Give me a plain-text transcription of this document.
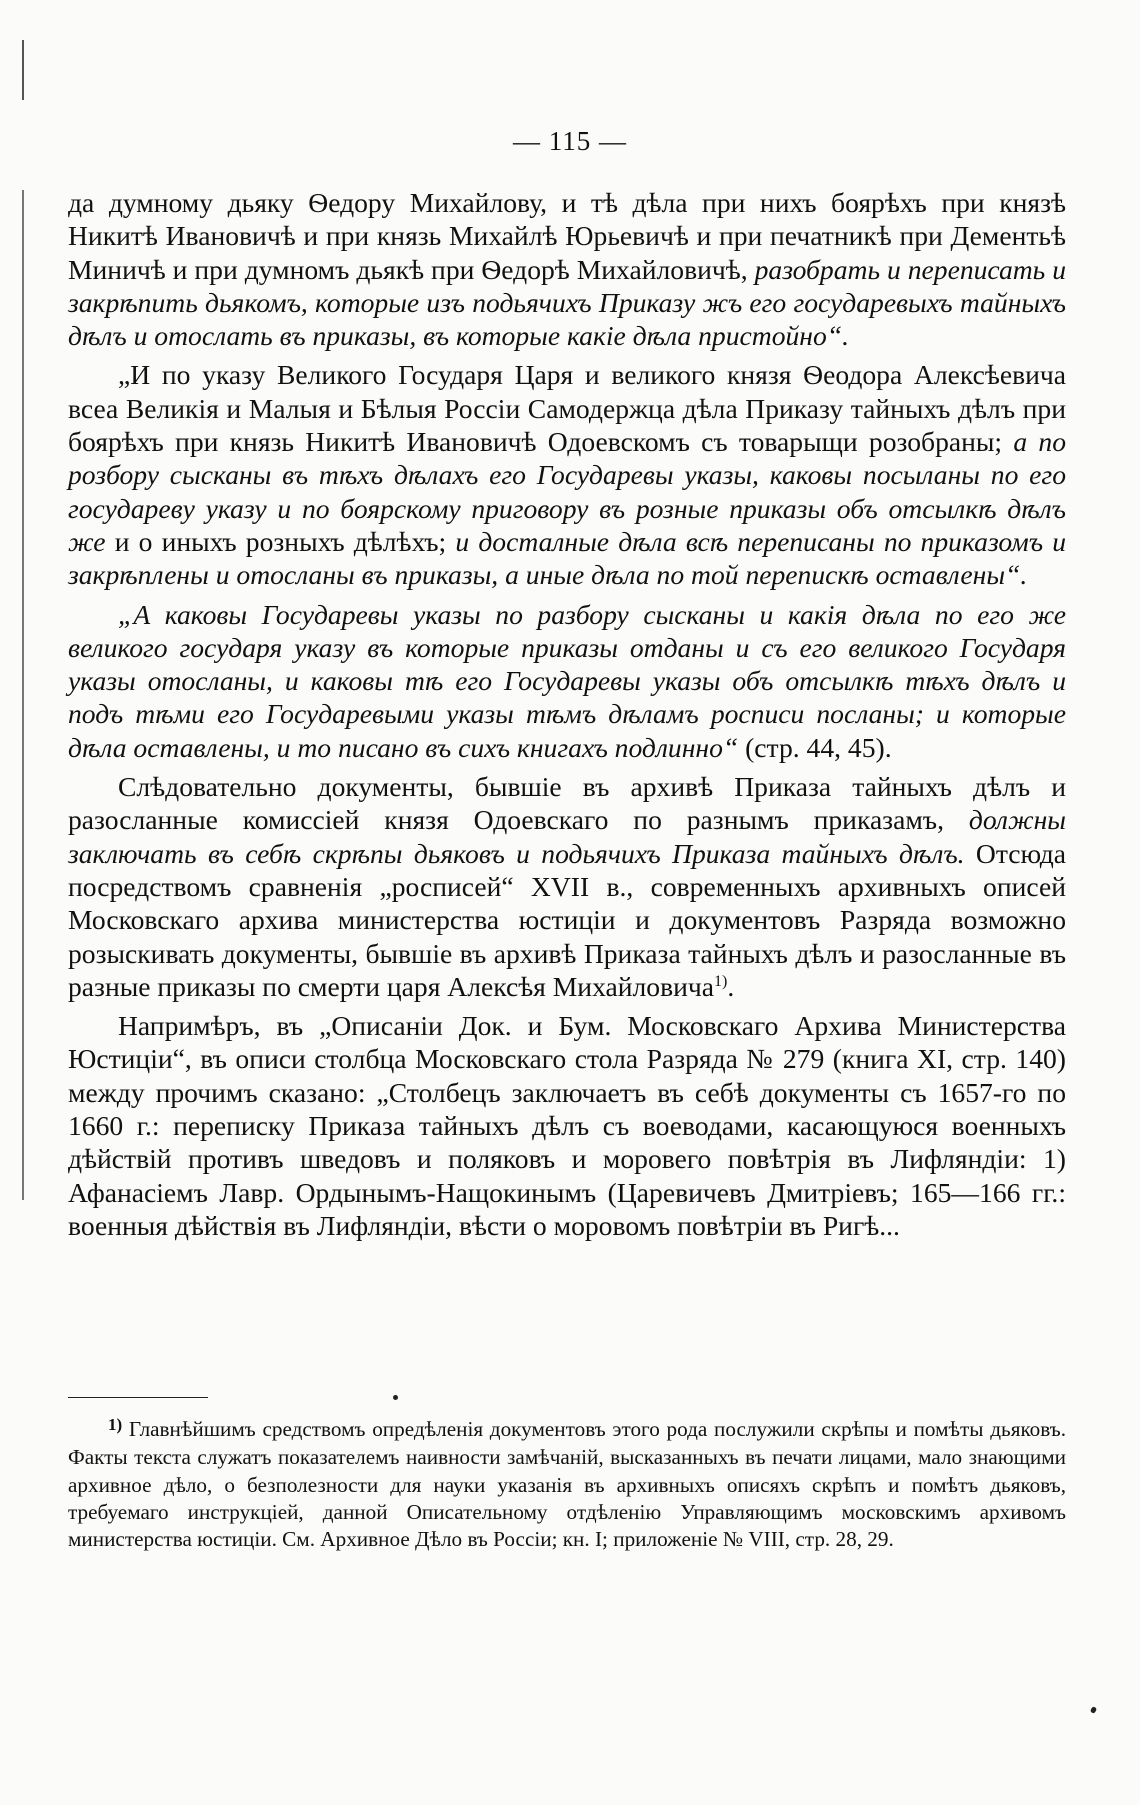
— 115 —

да думному дьяку Ѳедору Михайлову, и тѣ дѣла при нихъ боярѣхъ при князѣ Никитѣ Ивановичѣ и при князь Михайлѣ Юрьевичѣ и при печатникѣ при Дементьѣ Миничѣ и при думномъ дьякѣ при Ѳедорѣ Михайловичѣ, разобрать и переписать и закрѣпить дьякомъ, которые изъ подьячихъ Приказу жъ его государевыхъ тайныхъ дѣлъ и отослать въ приказы, въ которые какiе дѣла пристойно“.

„И по указу Великого Государя Царя и великого князя Ѳеодора Алексѣевича всеа Великiя и Малыя и Бѣлыя Россiи Самодержца дѣла Приказу тайныхъ дѣлъ при боярѣхъ при князь Никитѣ Ивановичѣ Одоевскомъ съ товарыщи розобраны; а по розбору сысканы въ тѣхъ дѣлахъ его Государевы указы, каковы посыланы по его государеву указу и по боярскому приговору въ розные приказы объ отсылкѣ дѣлъ же и о иныхъ розныхъ дѣлѣхъ; и досталные дѣла всѣ переписаны по приказомъ и закрѣплены и отосланы въ приказы, а иные дѣла по той перепискѣ оставлены“.

„А каковы Государевы указы по разбору сысканы и какiя дѣла по его же великого государя указу въ которые приказы отданы и съ его великого Государя указы отосланы, и каковы тѣ его Государевы указы объ отсылкѣ тѣхъ дѣлъ и подъ тѣми его Государевыми указы тѣмъ дѣламъ росписи посланы; и которые дѣла оставлены, и то писано въ сихъ книгахъ подлинно“ (стр. 44, 45).

Слѣдовательно документы, бывшiе въ архивѣ Приказа тайныхъ дѣлъ и разосланные комиссiей князя Одоевскаго по разнымъ приказамъ, должны заключать въ себѣ скрѣпы дьяковъ и подьячихъ Приказа тайныхъ дѣлъ. Отсюда посредствомъ сравненiя „росписей“ XVII в., современныхъ архивныхъ описей Московскаго архива министерства юстицiи и документовъ Разряда возможно розыскивать документы, бывшiе въ архивѣ Приказа тайныхъ дѣлъ и разосланные въ разные приказы по смерти царя Алексѣя Михайловича$^{1)}$.

Напримѣръ, въ „Описанiи Док. и Бум. Московскаго Архива Министерства Юстицiи“, въ описи столбца Московскаго стола Разряда № 279 (книга XI, стр. 140) между прочимъ сказано: „Столбецъ заключаетъ въ себѣ документы съ 1657-го по 1660 г.: переписку Приказа тайныхъ дѣлъ съ воеводами, касающуюся военныхъ дѣйствiй противъ шведовъ и поляковъ и моровего повѣтрiя въ Лифляндiи: 1) Афанасiемъ Лавр. Ордынымъ-Нащокинымъ (Царевичевъ Дмитрiевъ; 165—166 гг.: военныя дѣйствiя въ Лифляндiи, вѣсти о моровомъ повѣтрiи въ Ригѣ...

$^{1)}$ Главнѣйшимъ средствомъ опредѣленiя документовъ этого рода послужили скрѣпы и помѣты дьяковъ. Факты текста служатъ показателемъ наивности замѣчанiй, высказанныхъ въ печати лицами, мало знающими архивное дѣло, о безполезности для науки указанiя въ архивныхъ описяхъ скрѣпъ и помѣтъ дьяковъ, требуемаго инструкцiей, данной Описательному отдѣленiю Управляющимъ московскимъ архивомъ министерства юстицiи. См. Архивное Дѣло въ Россiи; кн. I; приложенiе № VIII, стр. 28, 29.
